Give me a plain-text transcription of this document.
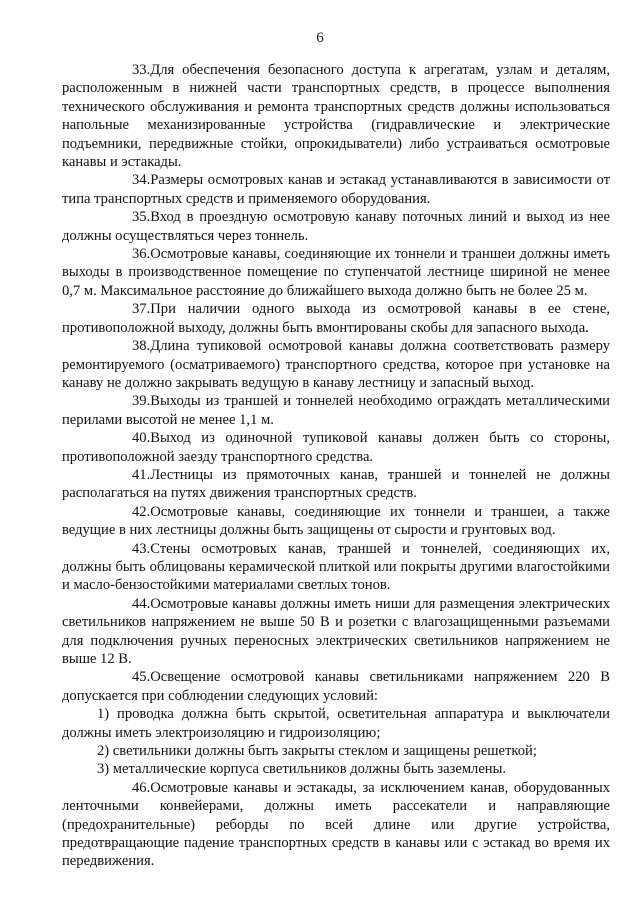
6

33.Для обеспечения безопасного доступа к агрегатам, узлам и деталям, расположенным в нижней части транспортных средств, в процессе выполнения технического обслуживания и ремонта транспортных средств должны использоваться напольные механизированные устройства (гидравлические и электрические подъемники, передвижные стойки, опрокидыватели) либо устраиваться осмотровые канавы и эстакады.

34.Размеры осмотровых канав и эстакад устанавливаются в зависимости от типа транспортных средств и применяемого оборудования.

35.Вход в проездную осмотровую канаву поточных линий и выход из нее должны осуществляться через тоннель.

36.Осмотровые канавы, соединяющие их тоннели и траншеи должны иметь выходы в производственное помещение по ступенчатой лестнице шириной не менее 0,7 м. Максимальное расстояние до ближайшего выхода должно быть не более 25 м.

37.При наличии одного выхода из осмотровой канавы в ее стене, противоположной выходу, должны быть вмонтированы скобы для запасного выхода.

38.Длина тупиковой осмотровой канавы должна соответствовать размеру ремонтируемого (осматриваемого) транспортного средства, которое при установке на канаву не должно закрывать ведущую в канаву лестницу и запасный выход.

39.Выходы из траншей и тоннелей необходимо ограждать металлическими перилами высотой не менее 1,1 м.

40.Выход из одиночной тупиковой канавы должен быть со стороны, противоположной заезду транспортного средства.

41.Лестницы из прямоточных канав, траншей и тоннелей не должны располагаться на путях движения транспортных средств.

42.Осмотровые канавы, соединяющие их тоннели и траншеи, а также ведущие в них лестницы должны быть защищены от сырости и грунтовых вод.

43.Стены осмотровых канав, траншей и тоннелей, соединяющих их, должны быть облицованы керамической плиткой или покрыты другими влагостойкими и масло-бензостойкими материалами светлых тонов.

44.Осмотровые канавы должны иметь ниши для размещения электрических светильников напряжением не выше 50 В и розетки с влагозащищенными разъемами для подключения ручных переносных электрических светильников напряжением не выше 12 В.

45.Освещение осмотровой канавы светильниками напряжением 220 В допускается при соблюдении следующих условий:

1) проводка должна быть скрытой, осветительная аппаратура и выключатели должны иметь электроизоляцию и гидроизоляцию;

2) светильники должны быть закрыты стеклом и защищены решеткой;

3) металлические корпуса светильников должны быть заземлены.

46.Осмотровые канавы и эстакады, за исключением канав, оборудованных ленточными конвейерами, должны иметь рассекатели и направляющие (предохранительные) реборды по всей длине или другие устройства, предотвращающие падение транспортных средств в канавы или с эстакад во время их передвижения.
